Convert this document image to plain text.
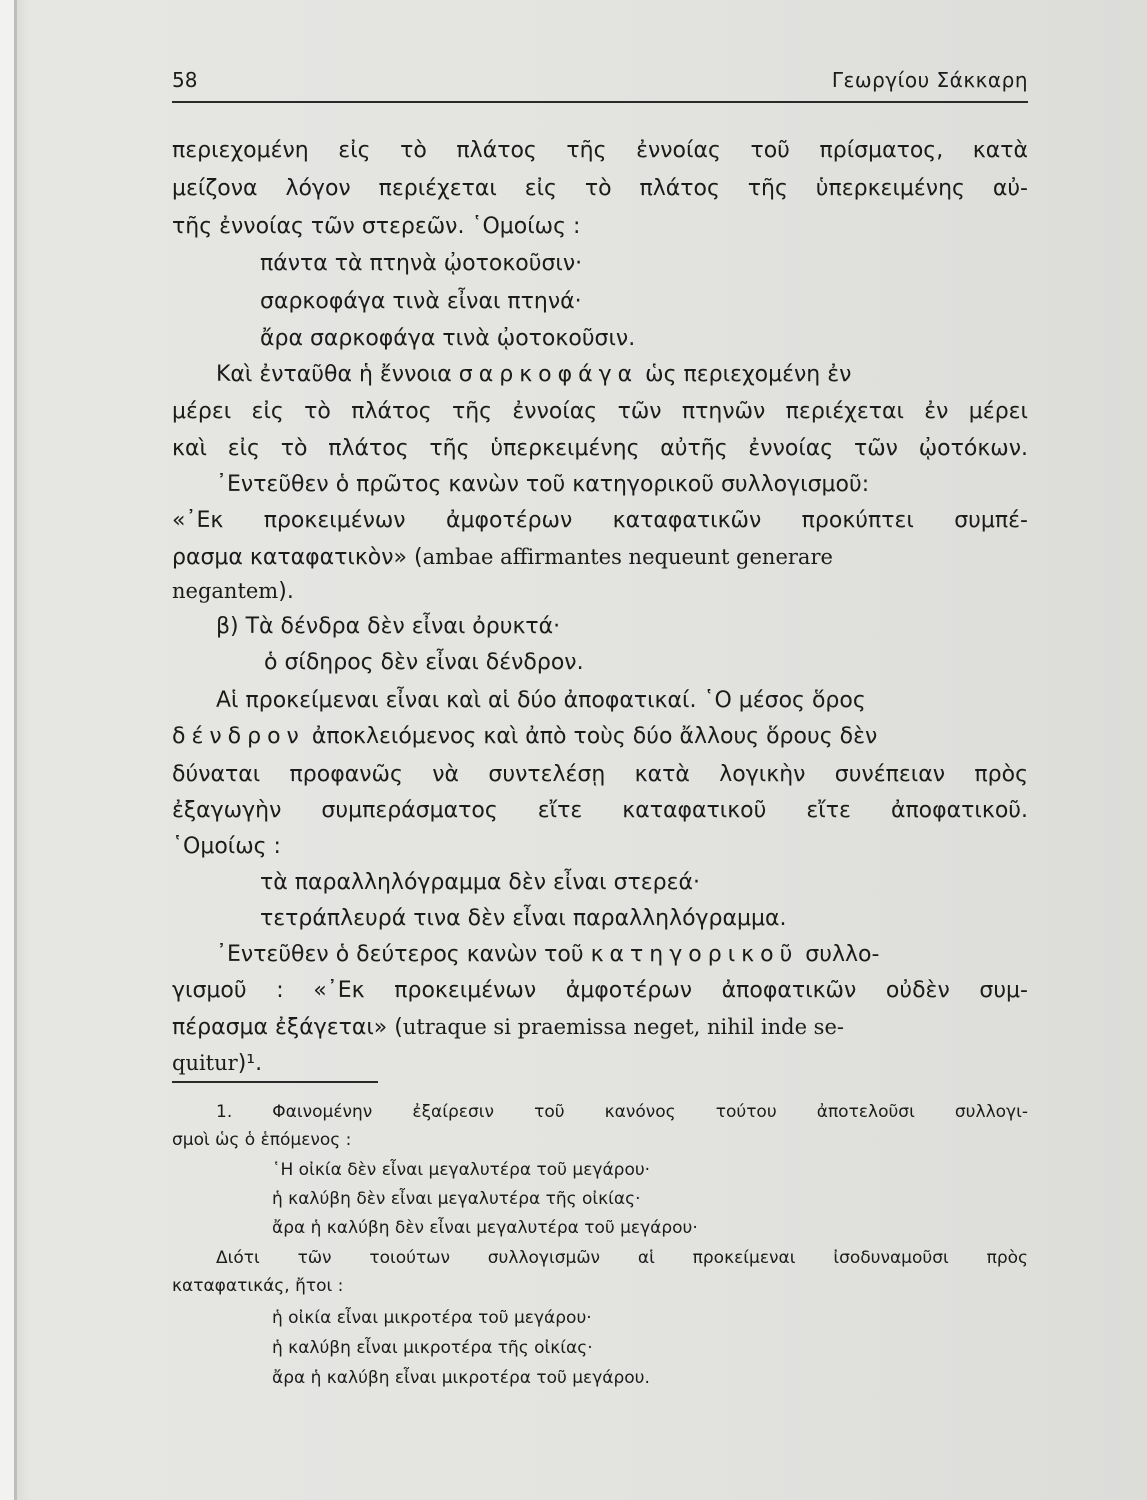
58	Γεωργίου Σάκκαρη
περιεχομένη εἰς τὸ πλάτος τῆς ἐννοίας τοῦ πρίσματος, κατὰ
μείζονα λόγον περιέχεται εἰς τὸ πλάτος τῆς ὑπερκειμένης αὐ-
τῆς ἐννοίας τῶν στερεῶν. ῾Ομοίως :
πάντα τὰ πτηνὰ ᾠοτοκοῦσιν·
σαρκοφάγα τινὰ εἶναι πτηνά·
ἄρα σαρκοφάγα τινὰ ᾠοτοκοῦσιν.
Καὶ ἐνταῦθα ἡ ἔννοια σαρκοφάγα ὡς περιεχομένη ἐν
μέρει εἰς τὸ πλάτος τῆς ἐννοίας τῶν πτηνῶν περιέχεται ἐν μέρει
καὶ εἰς τὸ πλάτος τῆς ὑπερκειμένης αὐτῆς ἐννοίας τῶν ᾠοτόκων.
᾿Εντεῦθεν ὁ πρῶτος κανὼν τοῦ κατηγορικοῦ συλλογισμοῦ:
«᾿Εκ προκειμένων ἀμφοτέρων καταφατικῶν προκύπτει συμπέ-
ρασμα καταφατικὸν» (ambae affirmantes nequeunt generare
negantem).
β) Τὰ δένδρα δὲν εἶναι ὀρυκτά·
ὁ σίδηρος δὲν εἶναι δένδρον.
Αἱ προκείμεναι εἶναι καὶ αἱ δύο ἀποφατικαί. ῾Ο μέσος ὅρος
δένδρον ἀποκλειόμενος καὶ ἀπὸ τοὺς δύο ἄλλους ὅρους δὲν
δύναται προφανῶς νὰ συντελέσῃ κατὰ λογικὴν συνέπειαν πρὸς
ἐξαγωγὴν συμπεράσματος εἴτε καταφατικοῦ εἴτε ἀποφατικοῦ.
῾Ομοίως :
τὰ παραλληλόγραμμα δὲν εἶναι στερεά·
τετράπλευρά τινα δὲν εἶναι παραλληλόγραμμα.
᾿Εντεῦθεν ὁ δεύτερος κανὼν τοῦ κατηγορικοῦ συλλο-
γισμοῦ : «᾿Εκ προκειμένων ἀμφοτέρων ἀποφατικῶν οὐδὲν συμ-
πέρασμα ἐξάγεται» (utraque si praemissa neget, nihil inde se-
quitur)¹.
1. Φαινομένην ἐξαίρεσιν τοῦ κανόνος τούτου ἀποτελοῦσι συλλογι-
σμοὶ ὡς ὁ ἑπόμενος :
῾Η οἰκία δὲν εἶναι μεγαλυτέρα τοῦ μεγάρου·
ἡ καλύβη δὲν εἶναι μεγαλυτέρα τῆς οἰκίας·
ἄρα ἡ καλύβη δὲν εἶναι μεγαλυτέρα τοῦ μεγάρου·
Διότι τῶν τοιούτων συλλογισμῶν αἱ προκείμεναι ἰσοδυναμοῦσι πρὸς
καταφατικάς, ἤτοι :
ἡ οἰκία εἶναι μικροτέρα τοῦ μεγάρου·
ἡ καλύβη εἶναι μικροτέρα τῆς οἰκίας·
ἄρα ἡ καλύβη εἶναι μικροτέρα τοῦ μεγάρου.
